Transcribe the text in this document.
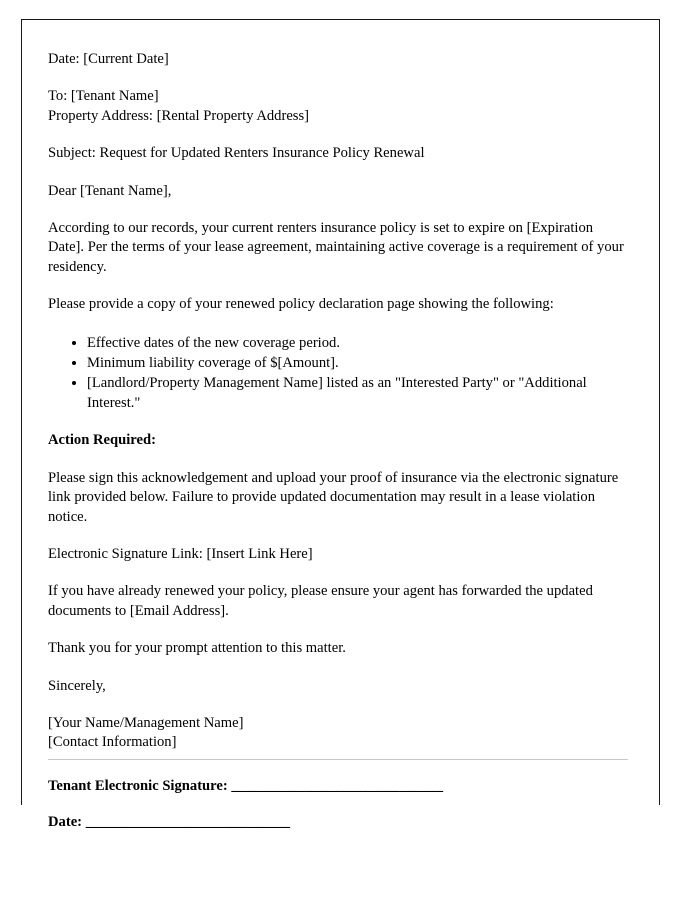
Date: [Current Date]

To: [Tenant Name]

Property Address: [Rental Property Address]

Subject: Request for Updated Renters Insurance Policy Renewal

Dear [Tenant Name],

According to our records, your current renters insurance policy is set to expire on [Expiration Date]. Per the terms of your lease agreement, maintaining active coverage is a requirement of your residency.

Please provide a copy of your renewed policy declaration page showing the following:

• Effective dates of the new coverage period.
• Minimum liability coverage of $[Amount].
• [Landlord/Property Management Name] listed as an "Interested Party" or "Additional Interest."

Action Required:

Please sign this acknowledgement and upload your proof of insurance via the electronic signature link provided below. Failure to provide updated documentation may result in a lease violation notice.

Electronic Signature Link: [Insert Link Here]

If you have already renewed your policy, please ensure your agent has forwarded the updated documents to [Email Address].

Thank you for your prompt attention to this matter.

Sincerely,

[Your Name/Management Name]

[Contact Information]

Tenant Electronic Signature: _____________________________

Date: ____________________________
